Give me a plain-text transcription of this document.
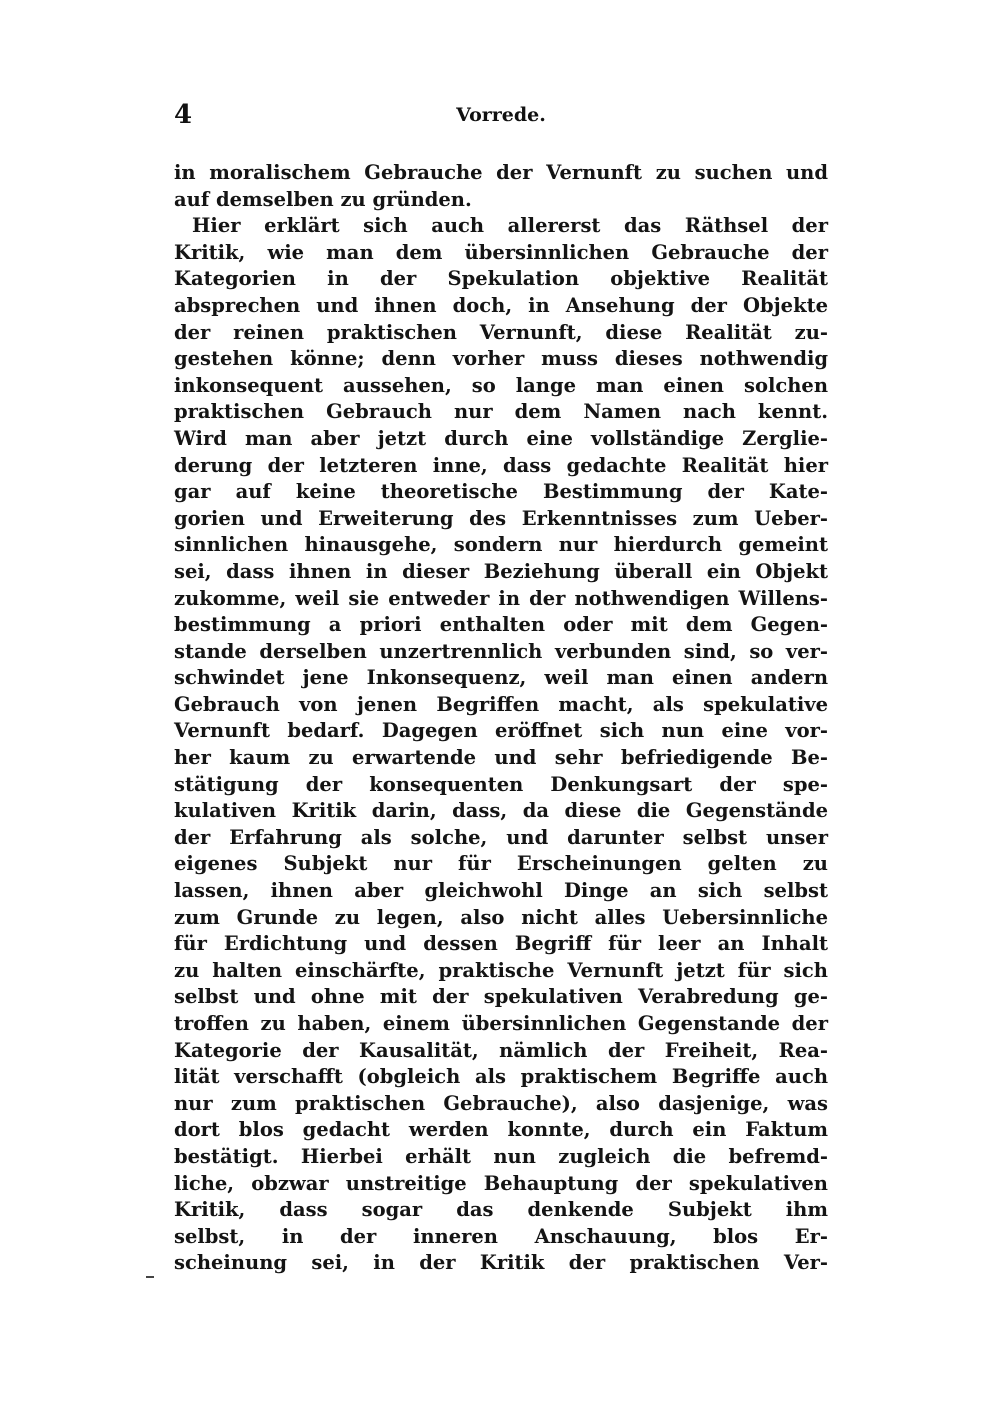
4	Vorrede.
in moralischem Gebrauche der Vernunft zu suchen und
auf demselben zu gründen.
Hier erklärt sich auch allererst das Räthsel der
Kritik, wie man dem übersinnlichen Gebrauche der
Kategorien in der Spekulation objektive Realität
absprechen und ihnen doch, in Ansehung der Objekte
der reinen praktischen Vernunft, diese Realität zu-
gestehen könne; denn vorher muss dieses nothwendig
inkonsequent aussehen, so lange man einen solchen
praktischen Gebrauch nur dem Namen nach kennt.
Wird man aber jetzt durch eine vollständige Zerglie-
derung der letzteren inne, dass gedachte Realität hier
gar auf keine theoretische Bestimmung der Kate-
gorien und Erweiterung des Erkenntnisses zum Ueber-
sinnlichen hinausgehe, sondern nur hierdurch gemeint
sei, dass ihnen in dieser Beziehung überall ein Objekt
zukomme, weil sie entweder in der nothwendigen Willens-
bestimmung a priori enthalten oder mit dem Gegen-
stande derselben unzertrennlich verbunden sind, so ver-
schwindet jene Inkonsequenz, weil man einen andern
Gebrauch von jenen Begriffen macht, als spekulative
Vernunft bedarf. Dagegen eröffnet sich nun eine vor-
her kaum zu erwartende und sehr befriedigende Be-
stätigung der konsequenten Denkungsart der spe-
kulativen Kritik darin, dass, da diese die Gegenstände
der Erfahrung als solche, und darunter selbst unser
eigenes Subjekt nur für Erscheinungen gelten zu
lassen, ihnen aber gleichwohl Dinge an sich selbst
zum Grunde zu legen, also nicht alles Uebersinnliche
für Erdichtung und dessen Begriff für leer an Inhalt
zu halten einschärfte, praktische Vernunft jetzt für sich
selbst und ohne mit der spekulativen Verabredung ge-
troffen zu haben, einem übersinnlichen Gegenstande der
Kategorie der Kausalität, nämlich der Freiheit, Rea-
lität verschafft (obgleich als praktischem Begriffe auch
nur zum praktischen Gebrauche), also dasjenige, was
dort blos gedacht werden konnte, durch ein Faktum
bestätigt. Hierbei erhält nun zugleich die befremd-
liche, obzwar unstreitige Behauptung der spekulativen
Kritik, dass sogar das denkende Subjekt ihm
selbst, in der inneren Anschauung, blos Er-
scheinung sei, in der Kritik der praktischen Ver-
